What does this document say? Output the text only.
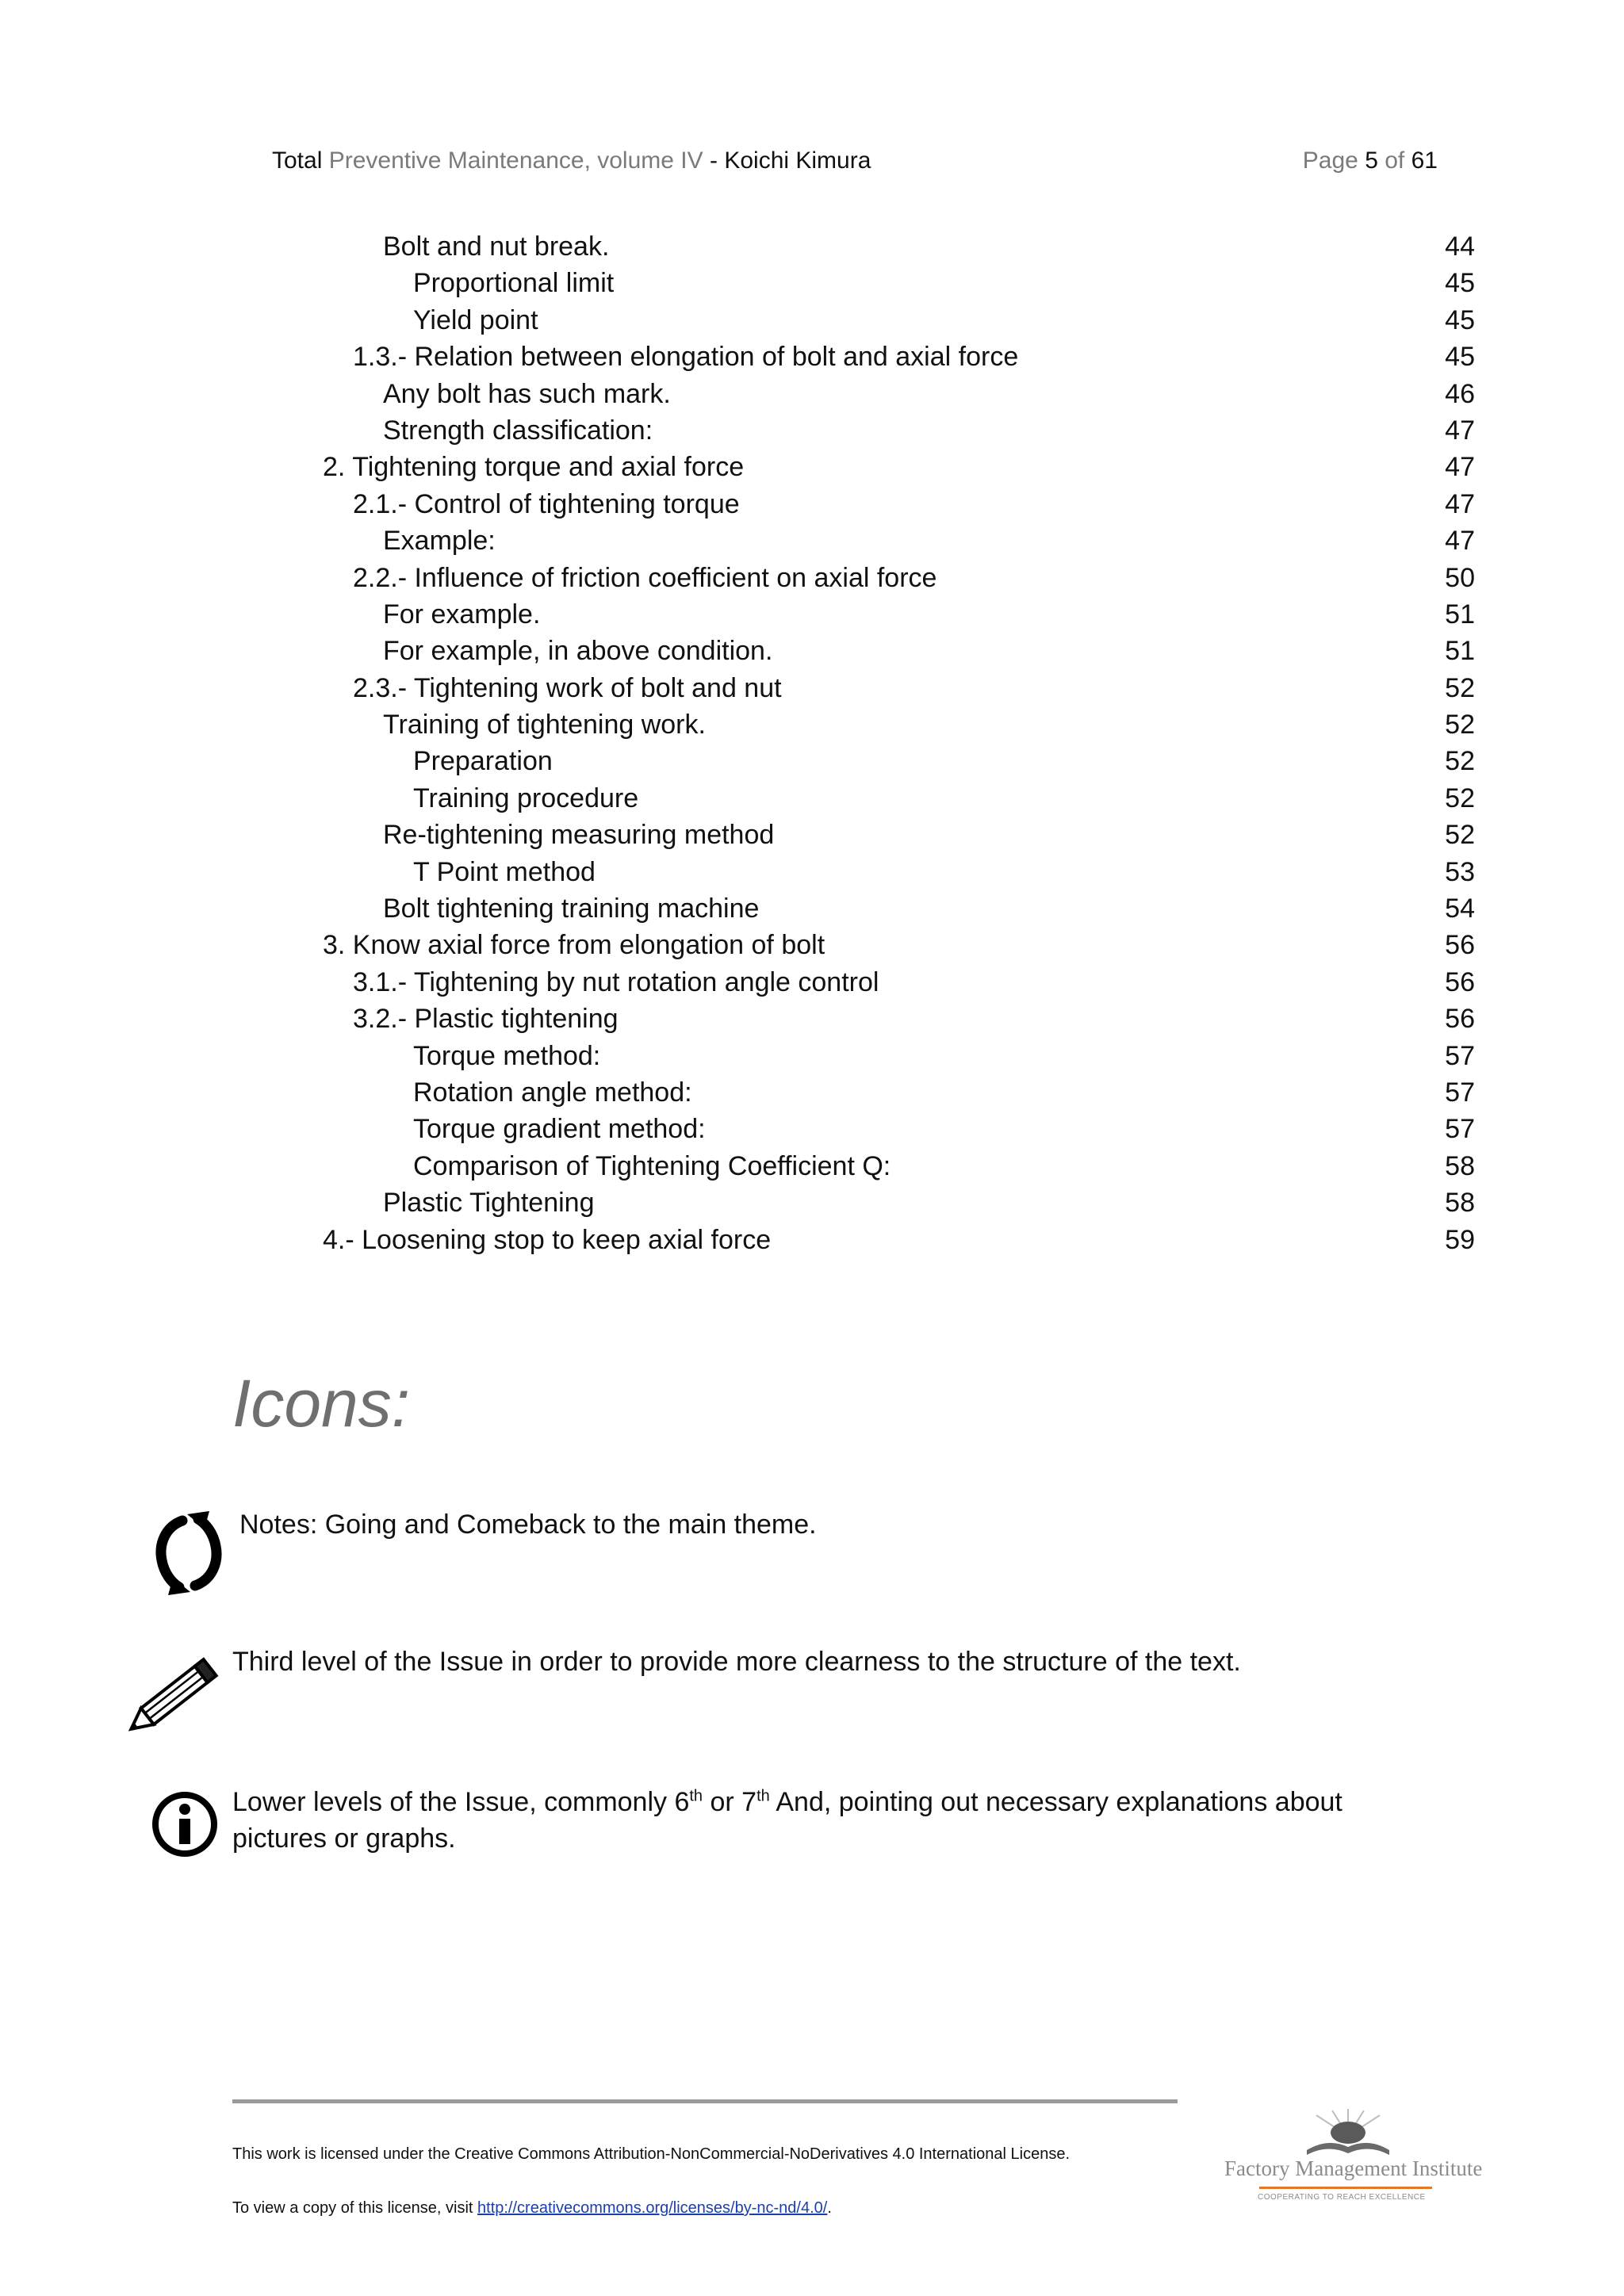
Total Preventive Maintenance, volume IV - Koichi Kimura	Page 5 of 61
Bolt and nut break.	44
Proportional limit	45
Yield point	45
1.3.- Relation between elongation of bolt and axial force	45
Any bolt has such mark.	46
Strength classification:	47
2. Tightening torque and axial force	47
2.1.- Control of tightening torque	47
Example:	47
2.2.- Influence of friction coefficient on axial force	50
For example.	51
For example, in above condition.	51
2.3.- Tightening work of bolt and nut	52
Training of tightening work.	52
Preparation	52
Training procedure	52
Re-tightening measuring method	52
T Point method	53
Bolt tightening training machine	54
3. Know axial force from elongation of bolt	56
3.1.- Tightening by nut rotation angle control	56
3.2.- Plastic tightening	56
Torque method:	57
Rotation angle method:	57
Torque gradient method:	57
Comparison of Tightening Coefficient Q:	58
Plastic Tightening	58
4.- Loosening stop to keep axial force	59
Icons:
Notes: Going and Comeback to the main theme.
Third level of the Issue in order to provide more clearness to the structure of the text.
Lower levels of the Issue, commonly 6th or 7th And, pointing out necessary explanations about
pictures or graphs.
This work is licensed under the Creative Commons Attribution-NonCommercial-NoDerivatives 4.0 International License.
To view a copy of this license, visit http://creativecommons.org/licenses/by-nc-nd/4.0/.
Factory Management Institute
COOPERATING TO REACH EXCELLENCE
